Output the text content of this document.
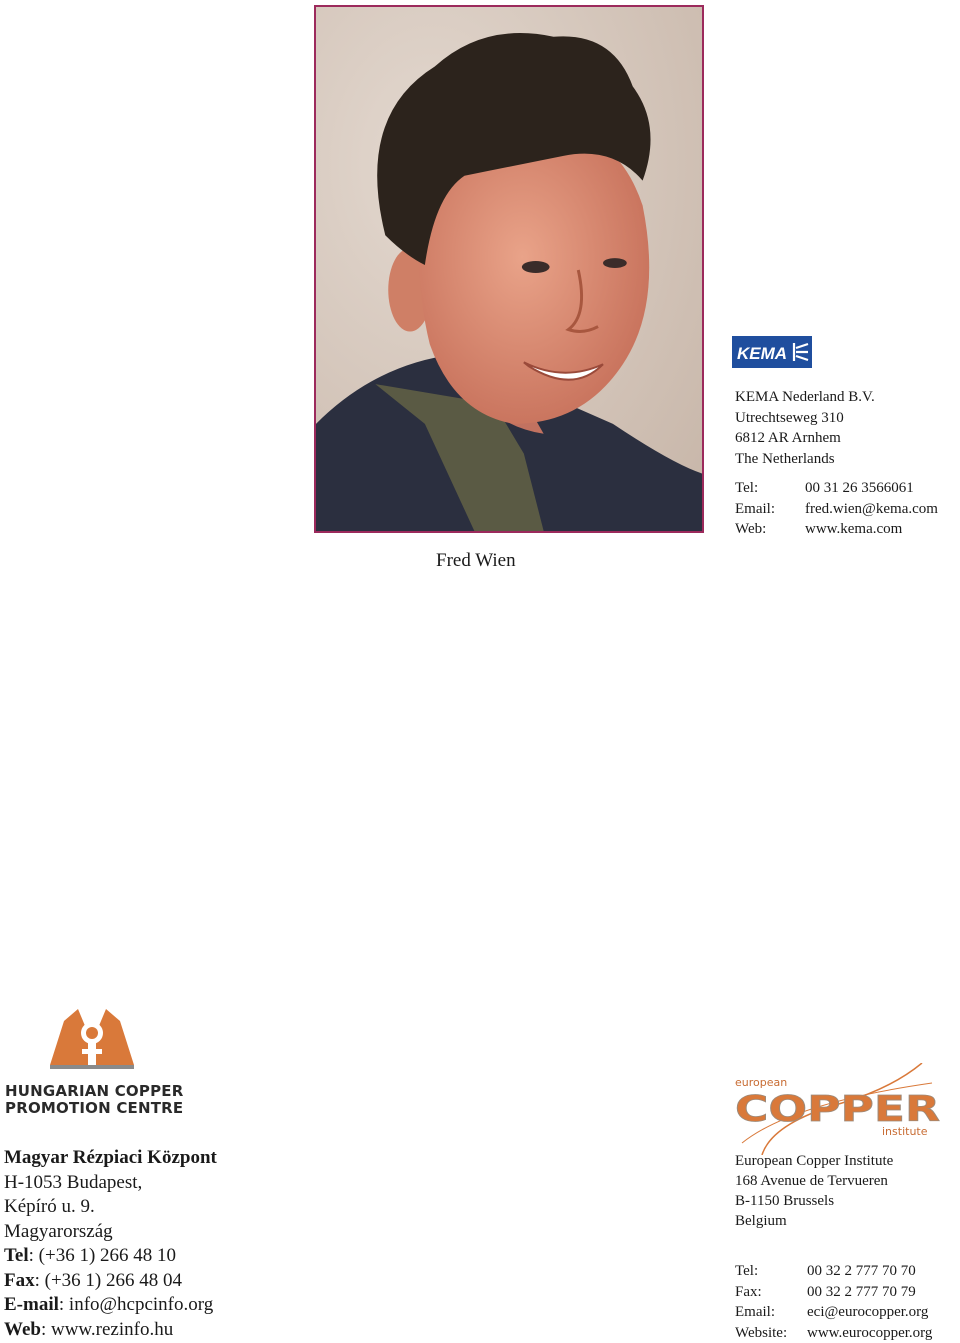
Fred Wien
KEMA
KEMA Nederland B.V.
Utrechtseweg 310
6812 AR Arnhem
The Netherlands
Tel:	00 31 26 3566061
Email:	fred.wien@kema.com
Web:	www.kema.com
HUNGARIAN COPPER
PROMOTION CENTRE
Magyar Rézpiaci Központ
H-1053 Budapest,
Képíró u. 9.
Magyarország
Tel: (+36 1) 266 48 10
Fax: (+36 1) 266 48 04
E-mail: info@hcpcinfo.org
Web: www.rezinfo.hu
european
COPPER
institute
European Copper Institute
168 Avenue de Tervueren
B-1150 Brussels
Belgium
Tel:	00 32 2 777 70 70
Fax:	00 32 2 777 70 79
Email:	eci@eurocopper.org
Website:	www.eurocopper.org
